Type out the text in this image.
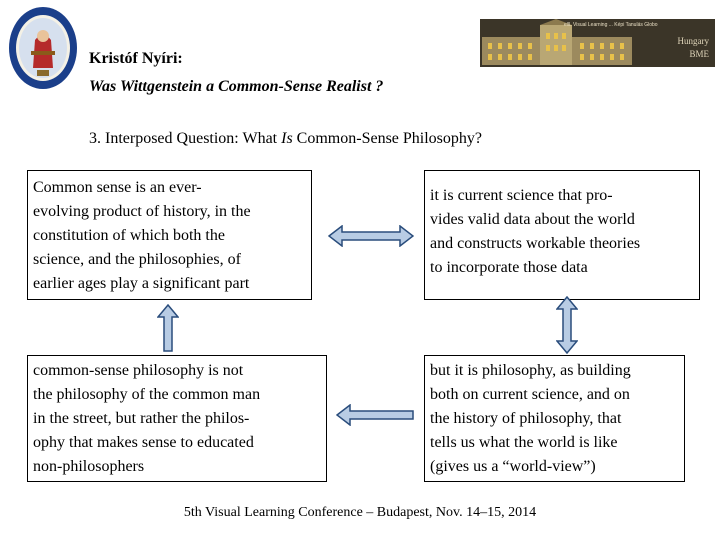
ellL Visual Learning ... Képi Tanulás Globo
Hungary
BME
Kristóf Nyíri:
Was Wittgenstein a Common-Sense Realist ?
3. Interposed Question: What Is Common-Sense Philosophy?
Common sense is an ever-
evolving product of history, in the
constitution of which both the
science, and the philosophies, of
earlier ages play a significant part
it is current science that pro-
vides valid data about the world
and constructs workable theories
to incorporate those data
common-sense philosophy is not
the philosophy of the common man
in the street, but rather the philos-
ophy that makes sense to educated
non-philosophers
but it is philosophy, as building
both on current science, and on
the history of philosophy, that
tells us what the world is like
(gives us a “world-view”)
5th Visual Learning Conference – Budapest, Nov. 14–15, 2014
